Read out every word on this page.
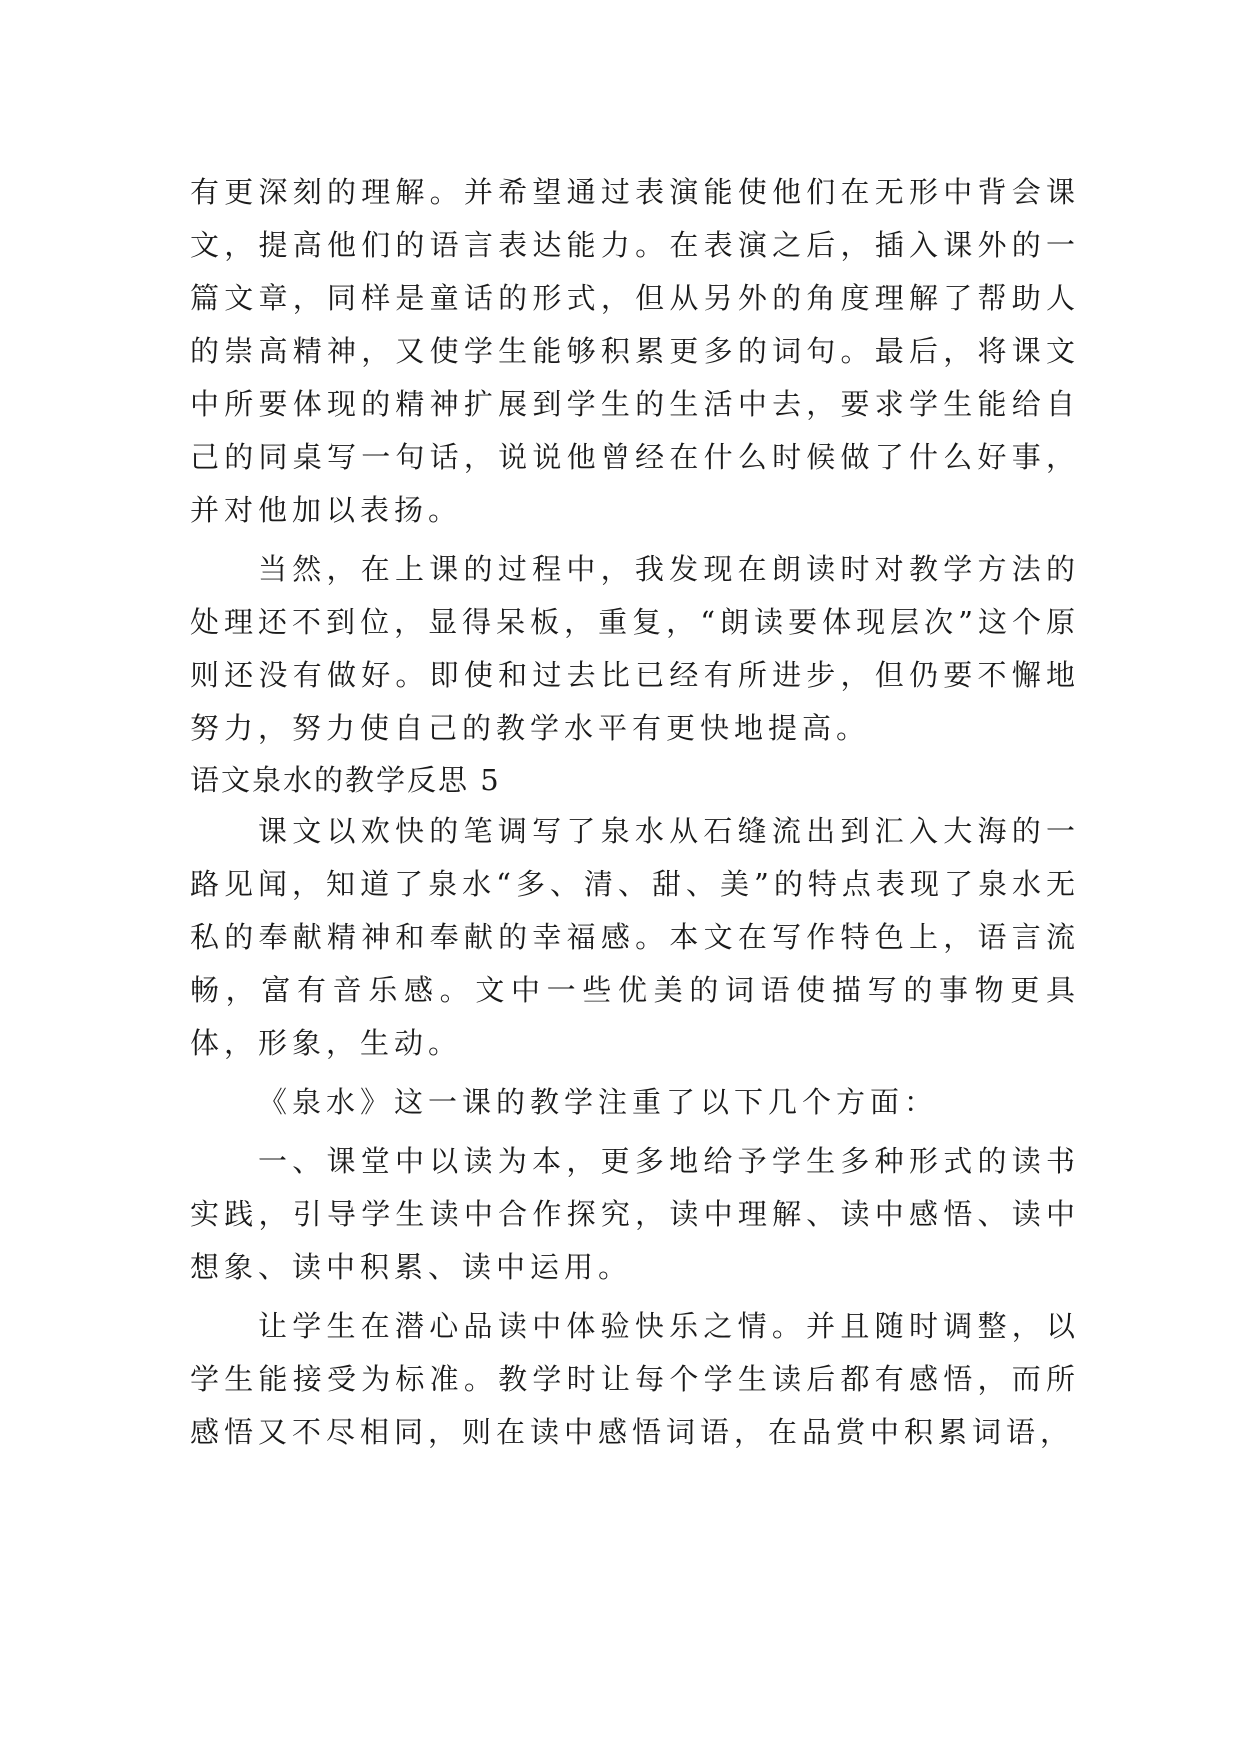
有更深刻的理解。并希望通过表演能使他们在无形中背会课文，提高他们的语言表达能力。在表演之后，插入课外的一篇文章，同样是童话的形式，但从另外的角度理解了帮助人的崇高精神，又使学生能够积累更多的词句。最后，将课文中所要体现的精神扩展到学生的生活中去，要求学生能给自己的同桌写一句话，说说他曾经在什么时候做了什么好事，并对他加以表扬。

当然，在上课的过程中，我发现在朗读时对教学方法的处理还不到位，显得呆板，重复，“朗读要体现层次”这个原则还没有做好。即使和过去比已经有所进步，但仍要不懈地努力，努力使自己的教学水平有更快地提高。

语文泉水的教学反思 5

课文以欢快的笔调写了泉水从石缝流出到汇入大海的一路见闻，知道了泉水“多、清、甜、美”的特点表现了泉水无私的奉献精神和奉献的幸福感。本文在写作特色上，语言流畅，富有音乐感。文中一些优美的词语使描写的事物更具体，形象，生动。

《泉水》这一课的教学注重了以下几个方面：

一、课堂中以读为本，更多地给予学生多种形式的读书实践，引导学生读中合作探究，读中理解、读中感悟、读中想象、读中积累、读中运用。

让学生在潜心品读中体验快乐之情。并且随时调整，以学生能接受为标准。教学时让每个学生读后都有感悟，而所感悟又不尽相同，则在读中感悟词语，在品赏中积累词语，
